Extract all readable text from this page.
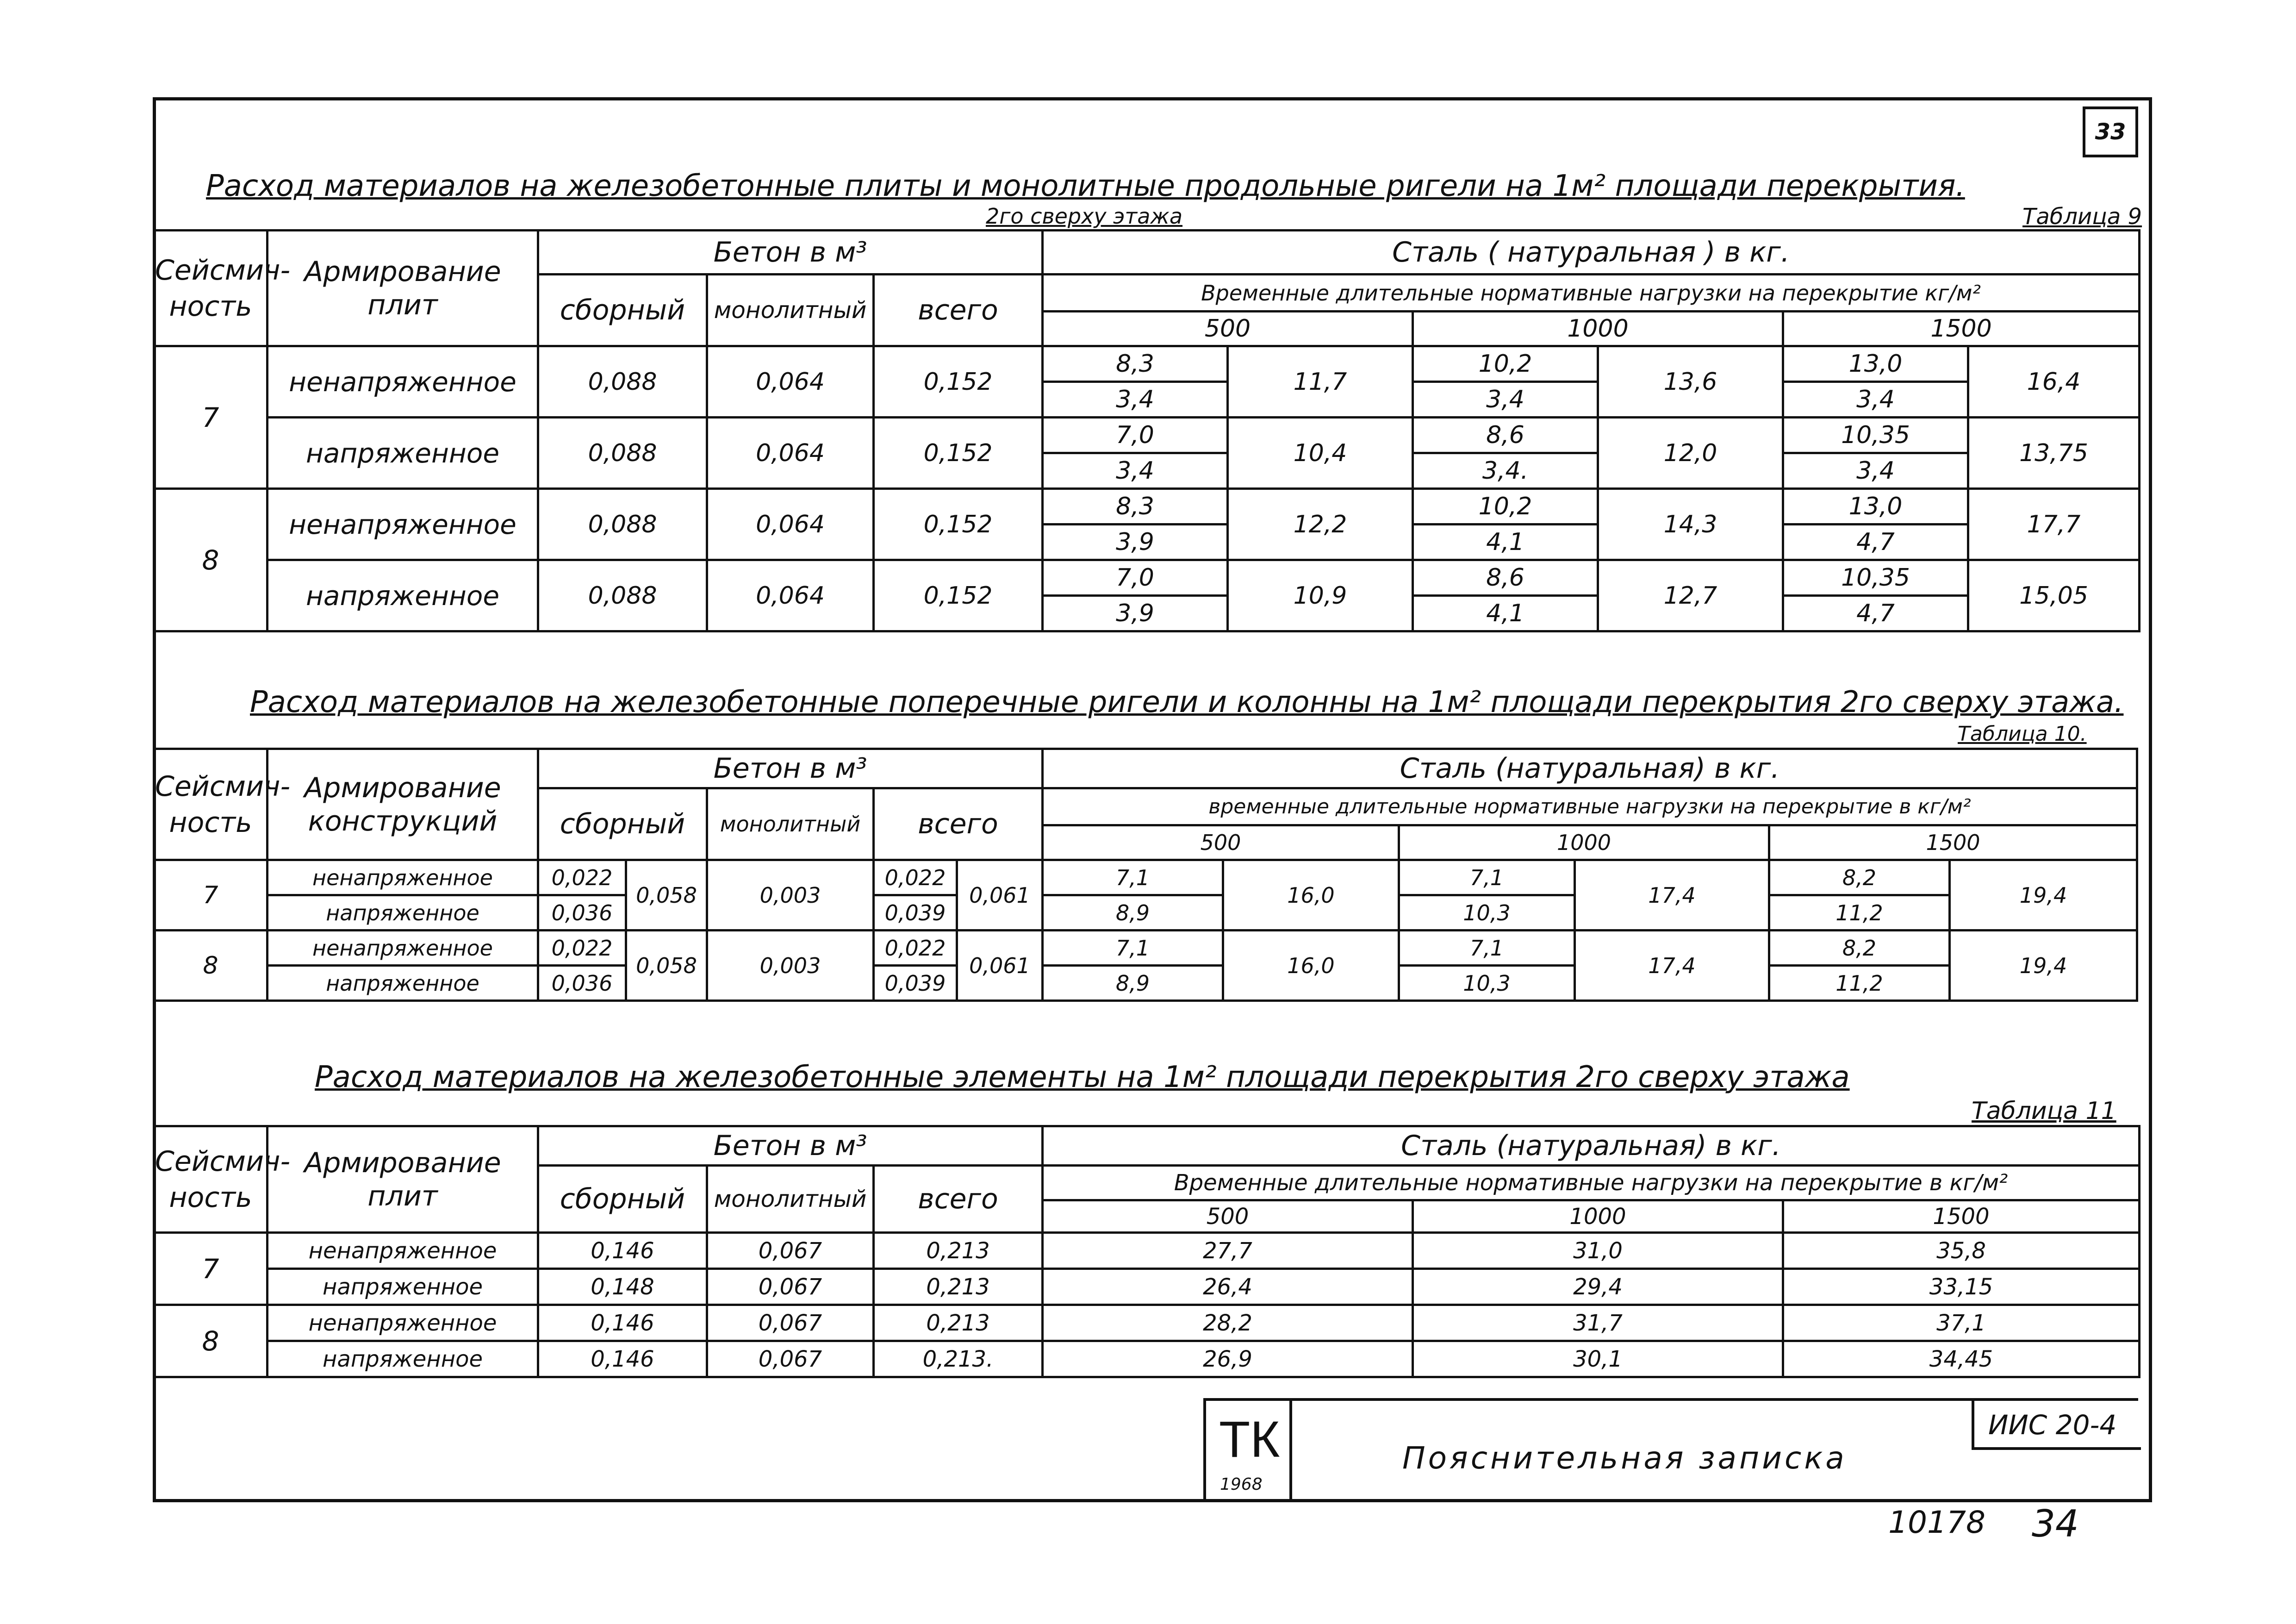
33
Расход материалов на железобетонные плиты и монолитные продольные ригели на 1м² площади перекрытия.
2го сверху этажа	Таблица 9
Сейсмич- ность	Армирование плит	Бетон в м³			Сталь ( натуральная ) в кг.					
		сборный	монолитный	всего	Временные длительные нормативные нагрузки на перекрытие кг/м²					
					500		1000		1500	
7	ненапряженное	0,088	0,064	0,152	8,3	11,7	10,2	13,6	13,0	16,4
					3,4		3,4		3,4	
	напряженное	0,088	0,064	0,152	7,0	10,4	8,6	12,0	10,35	13,75
					3,4		3,4.		3,4	
8	ненапряженное	0,088	0,064	0,152	8,3	12,2	10,2	14,3	13,0	17,7
					3,9		4,1		4,7	
	напряженное	0,088	0,064	0,152	7,0	10,9	8,6	12,7	10,35	15,05
					3,9		4,1		4,7	
Расход материалов на железобетонные поперечные ригели и колонны на 1м² площади перекрытия 2го сверху этажа.
Таблица 10.
Сейсмич- ность	Армирование конструкций	Бетон в м³					Сталь (натуральная) в кг.					
		сборный		монолитный	всего		временные длительные нормативные нагрузки на перекрытие в кг/м²					
							500		1000		1500	
7	ненапряженное	0,022	0,058	0,003	0,022	0,061	7,1	16,0	7,1	17,4	8,2	19,4
	напряженное	0,036			0,039		8,9		10,3		11,2	
8	ненапряженное	0,022	0,058	0,003	0,022	0,061	7,1	16,0	7,1	17,4	8,2	19,4
	напряженное	0,036			0,039		8,9		10,3		11,2	
Расход материалов на железобетонные элементы на 1м² площади перекрытия 2го сверху этажа
Таблица 11
Сейсмич- ность	Армирование плит	Бетон в м³			Сталь (натуральная) в кг.		
		сборный	монолитный	всего	Временные длительные нормативные нагрузки на перекрытие в кг/м²		
					500	1000	1500
7	ненапряженное	0,146	0,067	0,213	27,7	31,0	35,8
	напряженное	0,148	0,067	0,213	26,4	29,4	33,15
8	ненапряженное	0,146	0,067	0,213	28,2	31,7	37,1
	напряженное	0,146	0,067	0,213.	26,9	30,1	34,45
ТК
1968
Пояснительная записка
ИИС 20-4
10178 34
